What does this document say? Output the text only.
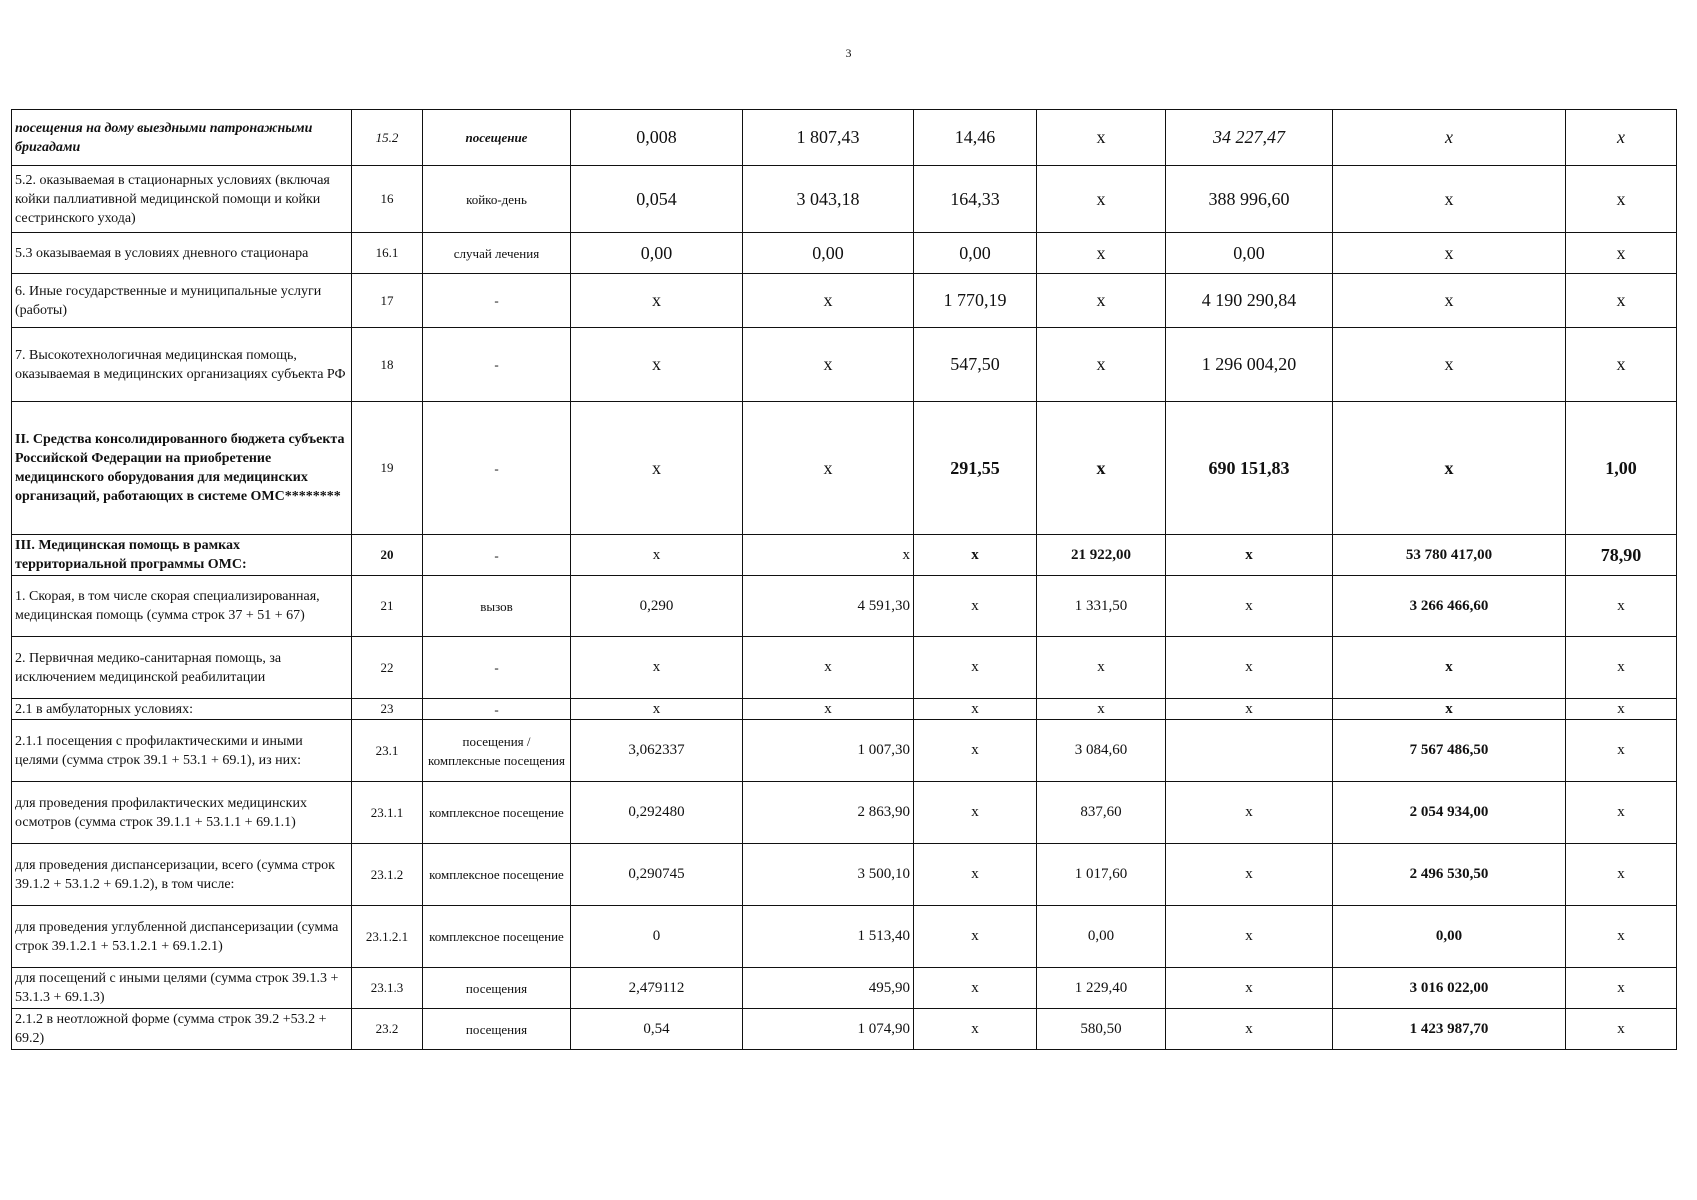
3
посещения на дому выездными патронажными бригадами	15.2	посещение	0,008	1 807,43	14,46	х	34 227,47	х	х
5.2. оказываемая в стационарных условиях (включая койки паллиативной медицинской помощи и койки сестринского ухода)	16	койко-день	0,054	3 043,18	164,33	х	388 996,60	х	х
5.3 оказываемая в условиях дневного стационара	16.1	случай лечения	0,00	0,00	0,00	х	0,00	х	х
6. Иные государственные и муниципальные услуги (работы)	17	-	х	х	1 770,19	х	4 190 290,84	х	х
7. Высокотехнологичная медицинская помощь, оказываемая в медицинских организациях субъекта РФ	18	-	х	х	547,50	х	1 296 004,20	х	х
II. Средства консолидированного бюджета субъекта Российской Федерации на приобретение медицинского оборудования для медицинских организаций, работающих в системе ОМС********	19	-	х	х	291,55	х	690 151,83	х	1,00
III. Медицинская помощь в рамках территориальной программы ОМС:	20	-	х	х	х	21 922,00	х	53 780 417,00	78,90
1. Скорая, в том числе скорая специализированная, медицинская помощь (сумма строк 37 + 51 + 67)	21	вызов	0,290	4 591,30	х	1 331,50	х	3 266 466,60	х
2. Первичная медико-санитарная помощь, за исключением медицинской реабилитации	22	-	х	х	х	х	х	х	х
2.1 в амбулаторных условиях:	23	-	х	х	х	х	х	х	х
2.1.1 посещения с профилактическими и иными целями (сумма строк 39.1 + 53.1 + 69.1), из них:	23.1	посещения / комплексные посещения	3,062337	1 007,30	х	3 084,60		7 567 486,50	х
для проведения профилактических медицинских осмотров (сумма строк 39.1.1 + 53.1.1 + 69.1.1)	23.1.1	комплексное посещение	0,292480	2 863,90	х	837,60	х	2 054 934,00	х
для проведения диспансеризации, всего (сумма строк 39.1.2 + 53.1.2 + 69.1.2), в том числе:	23.1.2	комплексное посещение	0,290745	3 500,10	х	1 017,60	х	2 496 530,50	х
для проведения углубленной диспансеризации (сумма строк 39.1.2.1 + 53.1.2.1 + 69.1.2.1)	23.1.2.1	комплексное посещение	0	1 513,40	х	0,00	х	0,00	х
для посещений с иными целями (сумма строк 39.1.3 + 53.1.3 + 69.1.3)	23.1.3	посещения	2,479112	495,90	х	1 229,40	х	3 016 022,00	х
2.1.2 в неотложной форме (сумма строк 39.2 +53.2 + 69.2)	23.2	посещения	0,54	1 074,90	х	580,50	х	1 423 987,70	х
